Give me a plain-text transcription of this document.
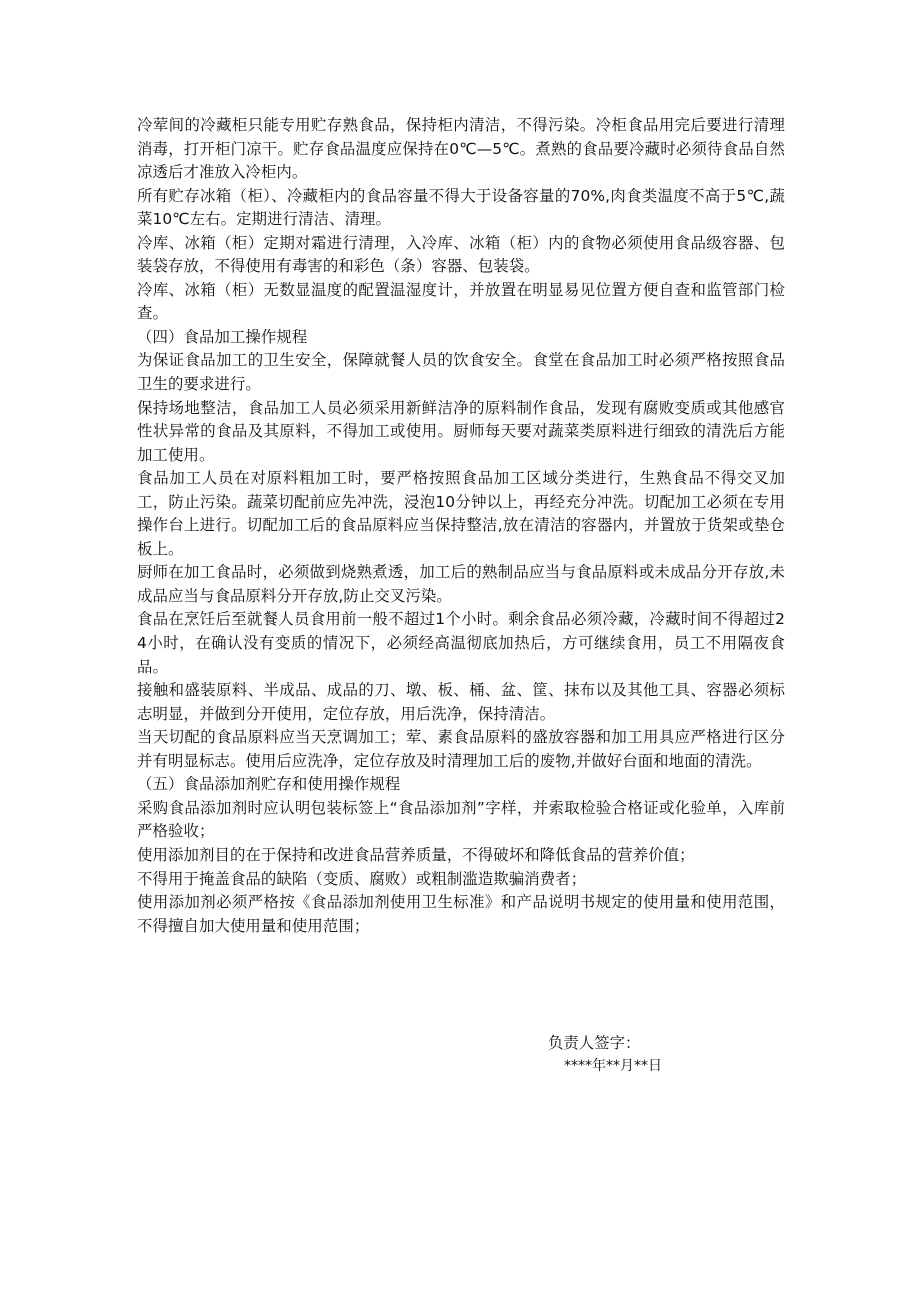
冷荤间的冷藏柜只能专用贮存熟食品，保持柜内清洁，不得污染。冷柜食品用完后要进行清理消毒，打开柜门凉干。贮存食品温度应保持在0℃—5℃。煮熟的食品要冷藏时必须待食品自然凉透后才准放入冷柜内。

所有贮存冰箱（柜）、冷藏柜内的食品容量不得大于设备容量的70%,肉食类温度不高于5℃,蔬菜10℃左右。定期进行清洁、清理。

冷库、冰箱（柜）定期对霜进行清理，入冷库、冰箱（柜）内的食物必须使用食品级容器、包装袋存放，不得使用有毒害的和彩色（条）容器、包装袋。

冷库、冰箱（柜）无数显温度的配置温湿度计，并放置在明显易见位置方便自查和监管部门检查。

（四）食品加工操作规程

为保证食品加工的卫生安全，保障就餐人员的饮食安全。食堂在食品加工时必须严格按照食品卫生的要求进行。

保持场地整洁，食品加工人员必须采用新鲜洁净的原料制作食品，发现有腐败变质或其他感官性状异常的食品及其原料，不得加工或使用。厨师每天要对蔬菜类原料进行细致的清洗后方能加工使用。

食品加工人员在对原料粗加工时，要严格按照食品加工区域分类进行，生熟食品不得交叉加工，防止污染。蔬菜切配前应先冲洗，浸泡10分钟以上，再经充分冲洗。切配加工必须在专用操作台上进行。切配加工后的食品原料应当保持整洁,放在清洁的容器内，并置放于货架或垫仓板上。

厨师在加工食品时，必须做到烧熟煮透，加工后的熟制品应当与食品原料或未成品分开存放,未成品应当与食品原料分开存放,防止交叉污染。

食品在烹饪后至就餐人员食用前一般不超过1个小时。剩余食品必须冷藏，冷藏时间不得超过24小时，在确认没有变质的情况下，必须经高温彻底加热后，方可继续食用，员工不用隔夜食品。

接触和盛装原料、半成品、成品的刀、墩、板、桶、盆、筐、抹布以及其他工具、容器必须标志明显，并做到分开使用，定位存放，用后洗净，保持清洁。

当天切配的食品原料应当天烹调加工；荤、素食品原料的盛放容器和加工用具应严格进行区分并有明显标志。使用后应洗净，定位存放及时清理加工后的废物,并做好台面和地面的清洗。

（五）食品添加剂贮存和使用操作规程

采购食品添加剂时应认明包装标签上“食品添加剂”字样，并索取检验合格证或化验单，入库前严格验收；

使用添加剂目的在于保持和改进食品营养质量，不得破坏和降低食品的营养价值；

不得用于掩盖食品的缺陷（变质、腐败）或粗制滥造欺骗消费者；

使用添加剂必须严格按《食品添加剂使用卫生标准》和产品说明书规定的使用量和使用范围，不得擅自加大使用量和使用范围；

负责人签字：
****年**月**日
